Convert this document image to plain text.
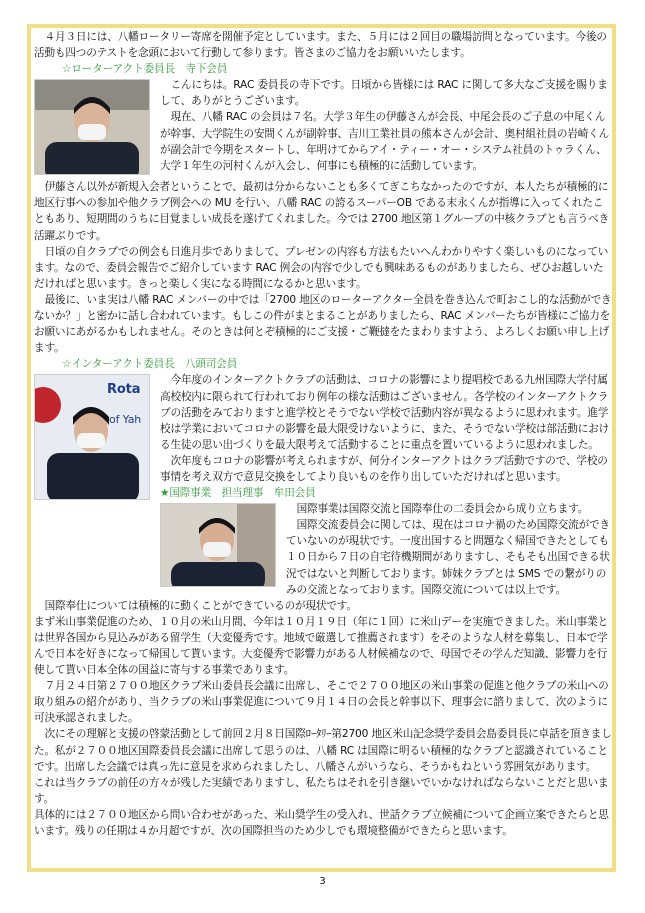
４月３日には、八幡ロータリー寄席を開催予定としています。また、５月には２回目の職場訪問となっています。今後の活動も四つのテストを念頭において行動して参ります。皆さまのご協力をお願いいたします。

☆ローターアクト委員長　寺下会員

こんにちは。RAC 委員長の寺下です。日頃から皆様には RAC に関して多大なご支援を賜りまして、ありがとうございます。

現在、八幡 RAC の会員は７名。大学３年生の伊藤さんが会長、中尾会長のご子息の中尾くんが幹事、大学院生の安間くんが副幹事、吉川工業社員の熊本さんが会計、奥村組社員の岩崎くんが副会計で今期をスタートし、年明けてからアイ・ティー・オー・システム社員のトゥラくん、大学１年生の河村くんが入会し、何事にも積極的に活動しています。

伊藤さん以外が新規入会者ということで、最初は分からないことも多くてぎこちなかったのですが、本人たちが積極的に地区行事への参加や他クラブ例会への MU を行い、八幡 RAC の誇るスーパーOB である末永くんが指導に入ってくれたこともあり、短期間のうちに目覚ましい成長を遂げてくれました。今では 2700 地区第１グループの中核クラブとも言うべき活躍ぶりです。

日頃の自クラブでの例会も日進月歩でありまして、プレゼンの内容も方法もたいへんわかりやすく楽しいものになっています。なので、委員会報告でご紹介しています RAC 例会の内容で少しでも興味あるものがありましたら、ぜひお越しいただければと思います。きっと楽しく実になる時間になるかと思います。

最後に、いま実は八幡 RAC メンバーの中では「2700 地区のローターアクター全員を巻き込んで町おこし的な活動ができないか？」と密かに話し合われています。もしこの件がまとまることがありましたら、RAC メンバーたちが皆様にご協力をお願いにあがるかもしれません。そのときは何とぞ積極的にご支援・ご鞭撻をたまわりますよう、よろしくお願い申し上げます。

☆インターアクト委員長　八頭司会員

Rota
of Yah

今年度のインターアクトクラブの活動は、コロナの影響により提唱校である九州国際大学付属高校校内に限られて行われており例年の様な活動はございません。各学校のインターアクトクラブの活動をみておりますと進学校とそうでない学校で活動内容が異なるように思われます。進学校は学業においてコロナの影響を最大限受けないように、また、そうでない学校は部活動における生徒の思い出づくりを最大限考えて活動することに重点を置いているように思われました。

次年度もコロナの影響が考えられますが、何分インターアクトはクラブ活動ですので、学校の事情を考え双方で意見交換をしてより良いものを作り出していただければと思います。

★国際事業　担当理事　牟田会員

国際事業は国際交流と国際奉仕の二委員会から成り立ちます。

国際交流委員会に関しては、現在はコロナ禍のため国際交流ができていないのが現状です。一度出国すると問題なく帰国できたとしても１０日から７日の自宅待機期間がありますし、そもそも出国できる状況ではないと判断しております。姉妹クラブとは SMS での繋がりのみの交流となっております。国際交流については以上です。

国際奉仕については積極的に動くことができているのが現状です。

まず米山事業促進のため、１０月の米山月間、今年は１０月１９日（年に１回）に米山デーを実施できました。米山事業とは世界各国から見込みがある留学生（大変優秀です。地域で厳選して推薦されます）をそのような人材を募集し、日本で学んで日本を好きになって帰国して貰います。大変優秀で影響力がある人材候補なので、母国でその学んだ知識、影響力を行使して貰い日本全体の国益に寄与する事業であります。

７月２４日第２７００地区クラブ米山委員長会議に出席し、そこで２７００地区の米山事業の促進と他クラブの米山への取り組みの紹介があり、当クラブの米山事業促進について９月１４日の会長と幹事以下、理事会に諮りまして、次のように可決承認されました。

次にその理解と支援の啓蒙活動として前回２月８日国際ﾛｰﾀﾘｰ第2700 地区米山記念奨学委員会島委員長に卓話を頂きました。私が２７００地区国際委員長会議に出席して思うのは、八幡 RC は国際に明るい積極的なクラブと認識されていることです。出席した会議では真っ先に意見を求められましたし、八幡さんがいうなら、そうかもねという雰囲気があります。

これは当クラブの前任の方々が残した実績でありますし、私たちはそれを引き継いでいかなければならないことだと思います。

具体的には２７００地区から問い合わせがあった、米山奨学生の受入れ、世話クラブ立候補について企画立案できたらと思います。残りの任期は４か月超ですが、次の国際担当のため少しでも環境整備ができたらと思います。

3
